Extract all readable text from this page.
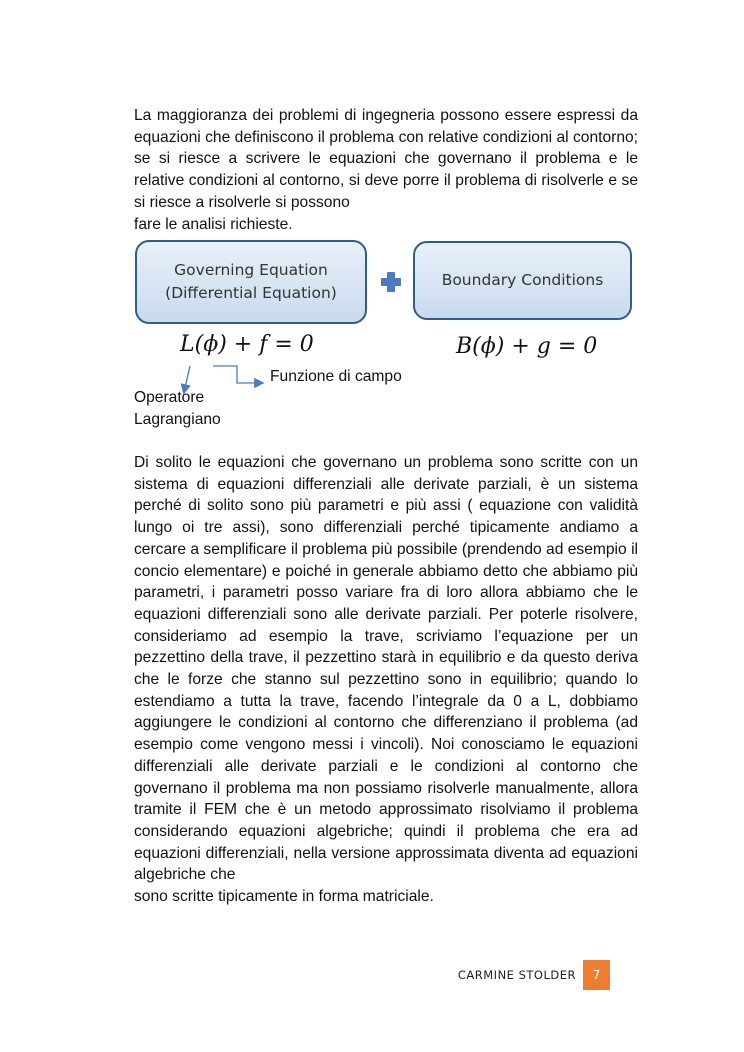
La maggioranza dei problemi di ingegneria possono essere espressi da equazioni che definiscono il problema con relative condizioni al contorno; se si riesce a scrivere le equazioni che governano il problema e le relative condizioni al contorno, si deve porre il problema di risolverle e se si riesce a risolverle si possono
fare le analisi richieste.

Governing Equation
(Differential Equation)
Boundary Conditions
L(ϕ) + f = 0	B(ϕ) + g = 0
Funzione di campo
Operatore
Lagrangiano

Di solito le equazioni che governano un problema sono scritte con un sistema di equazioni differenziali alle derivate parziali, è un sistema perché di solito sono più parametri e più assi ( equazione con validità lungo oi tre assi), sono differenziali perché tipicamente andiamo a cercare a semplificare il problema più possibile (prendendo ad esempio il concio elementare) e poiché in generale abbiamo detto che abbiamo più parametri, i parametri posso variare fra di loro allora abbiamo che le equazioni differenziali sono alle derivate parziali. Per poterle risolvere, consideriamo ad esempio la trave, scriviamo l’equazione per un pezzettino della trave, il pezzettino starà in equilibrio e da questo deriva che le forze che stanno sul pezzettino sono in equilibrio; quando lo estendiamo a tutta la trave, facendo l’integrale da 0 a L, dobbiamo aggiungere le condizioni al contorno che differenziano il problema (ad esempio come vengono messi i vincoli). Noi conosciamo le equazioni differenziali alle derivate parziali e le condizioni al contorno che governano il problema ma non possiamo risolverle manualmente, allora tramite il FEM che è un metodo approssimato risolviamo il problema considerando equazioni algebriche; quindi il problema che era ad equazioni differenziali, nella versione approssimata diventa ad equazioni algebriche che
sono scritte tipicamente in forma matriciale.

CARMINE STOLDER	7
